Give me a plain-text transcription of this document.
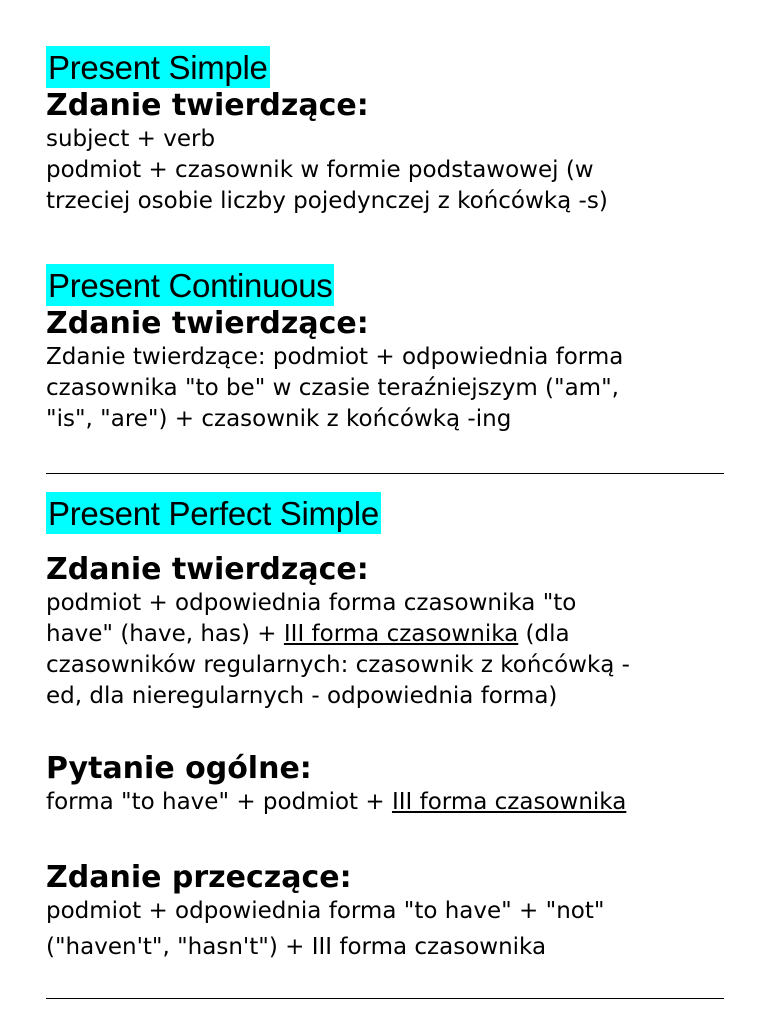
Present Simple
Zdanie twierdzące:
subject + verb
podmiot + czasownik w formie podstawowej (w
trzeciej osobie liczby pojedynczej z końcówką -s)
Present Continuous
Zdanie twierdzące:
Zdanie twierdzące: podmiot + odpowiednia forma
czasownika "to be" w czasie teraźniejszym ("am",
"is", "are") + czasownik z końcówką -ing
Present Perfect Simple
Zdanie twierdzące:
podmiot + odpowiednia forma czasownika "to
have" (have, has) + III forma czasownika (dla
czasowników regularnych: czasownik z końcówką -
ed, dla nieregularnych - odpowiednia forma)
Pytanie ogólne:
forma "to have" + podmiot + III forma czasownika
Zdanie przeczące:
podmiot + odpowiednia forma "to have" + "not"
("haven't", "hasn't") + III forma czasownika
